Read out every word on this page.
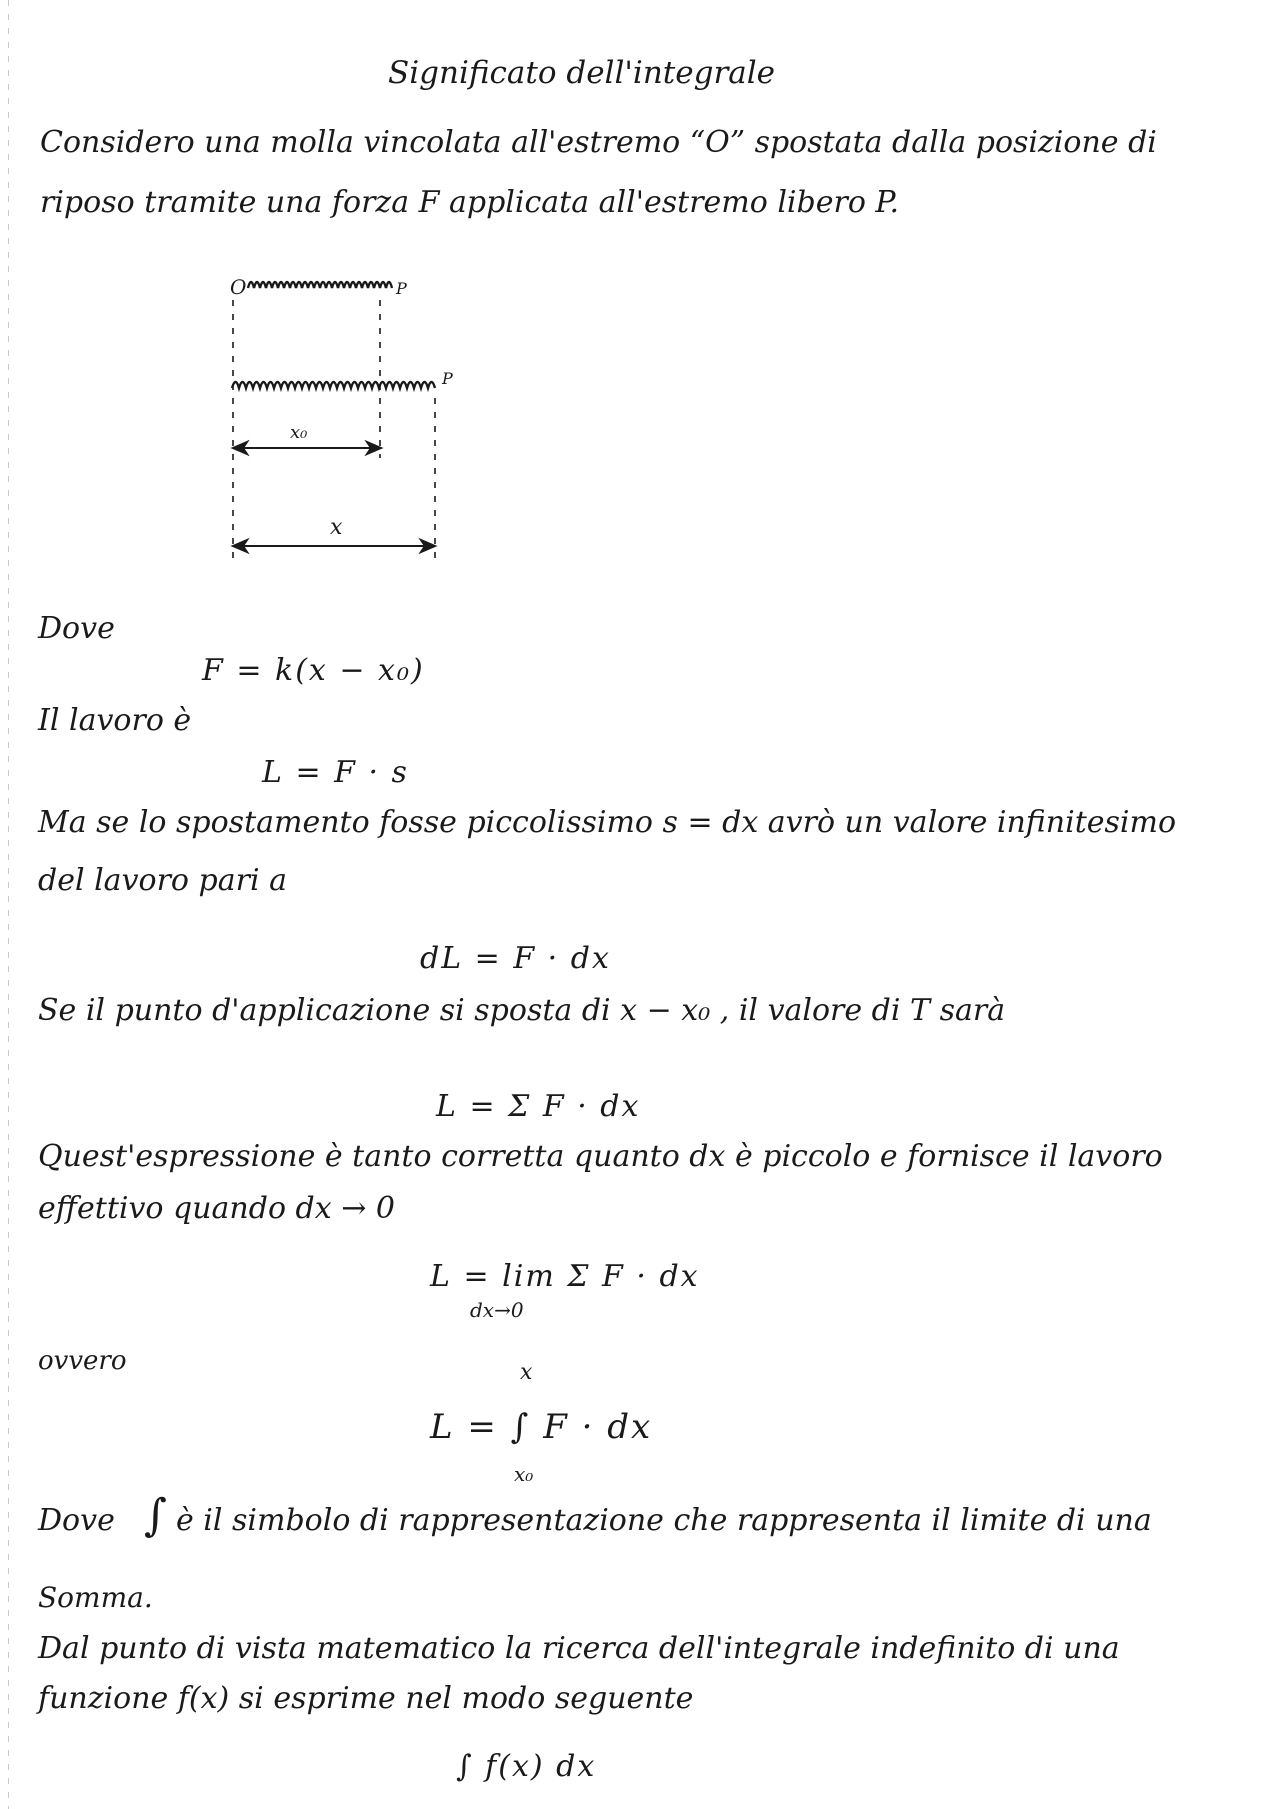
Significato dell'integrale
Considero una molla vincolata all'estremo “O” spostata dalla posizione di
riposo tramite una forza F applicata all'estremo libero P.
O	P
P
x₀
x
Dove
F = k(x − x₀)
Il lavoro è
L = F · s
Ma se lo spostamento fosse piccolissimo s = dx avrò un valore infinitesimo
del lavoro pari a
dL = F · dx
Se il punto d'applicazione si sposta di x − x₀ , il valore di T sarà
L = Σ F · dx
Quest'espressione è tanto corretta quanto dx è piccolo e fornisce il lavoro
effettivo quando dx → 0
L = lim Σ F · dx
dx→0
ovvero	x
L = ∫ F · dx
x₀
Dove ∫ è il simbolo di rappresentazione che rappresenta il limite di una
Somma.
Dal punto di vista matematico la ricerca dell'integrale indefinito di una
funzione f(x) si esprime nel modo seguente
∫ f(x) dx
